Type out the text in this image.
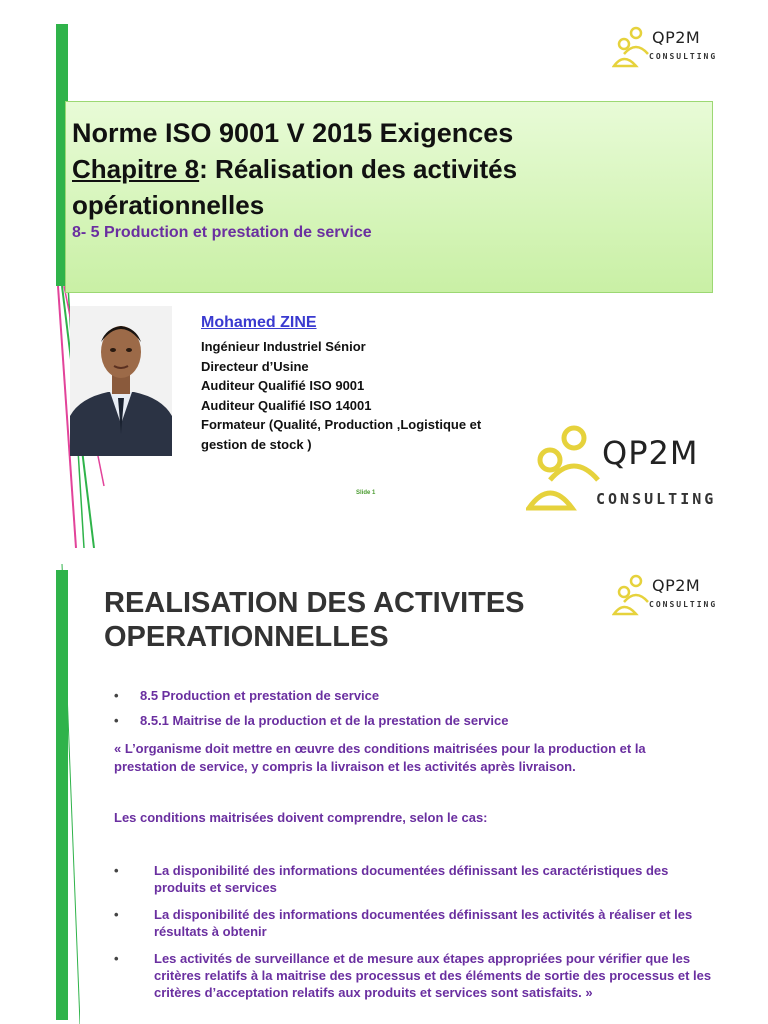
QP2M
CONSULTING
Norme ISO 9001 V 2015 Exigences
Chapitre 8: Réalisation des activités
opérationnelles
8- 5 Production et prestation de service
Mohamed ZINE
Ingénieur Industriel Sénior
Directeur d’Usine
Auditeur Qualifié ISO 9001
Auditeur Qualifié ISO 14001
Formateur (Qualité, Production ,Logistique et gestion de stock )	QP2M
CONSULTING
Slide 1
QP2M
CONSULTING
REALISATION DES ACTIVITES
OPERATIONNELLES
•	8.5 Production et prestation de service
•	8.5.1 Maitrise de la production et de la prestation de service
« L’organisme doit mettre en œuvre des conditions maitrisées pour la production et la prestation de service, y compris la livraison et les activités après livraison.
Les conditions maitrisées doivent comprendre, selon le cas:
•	La disponibilité des informations documentées définissant les caractéristiques des produits et services
•	La disponibilité des informations documentées définissant les activités à réaliser et les résultats à obtenir
•	Les activités de surveillance et de mesure aux étapes appropriées pour vérifier que les critères relatifs à la maitrise des processus et des éléments de sortie des processus et les critères d’acceptation relatifs aux produits et services sont satisfaits. »
